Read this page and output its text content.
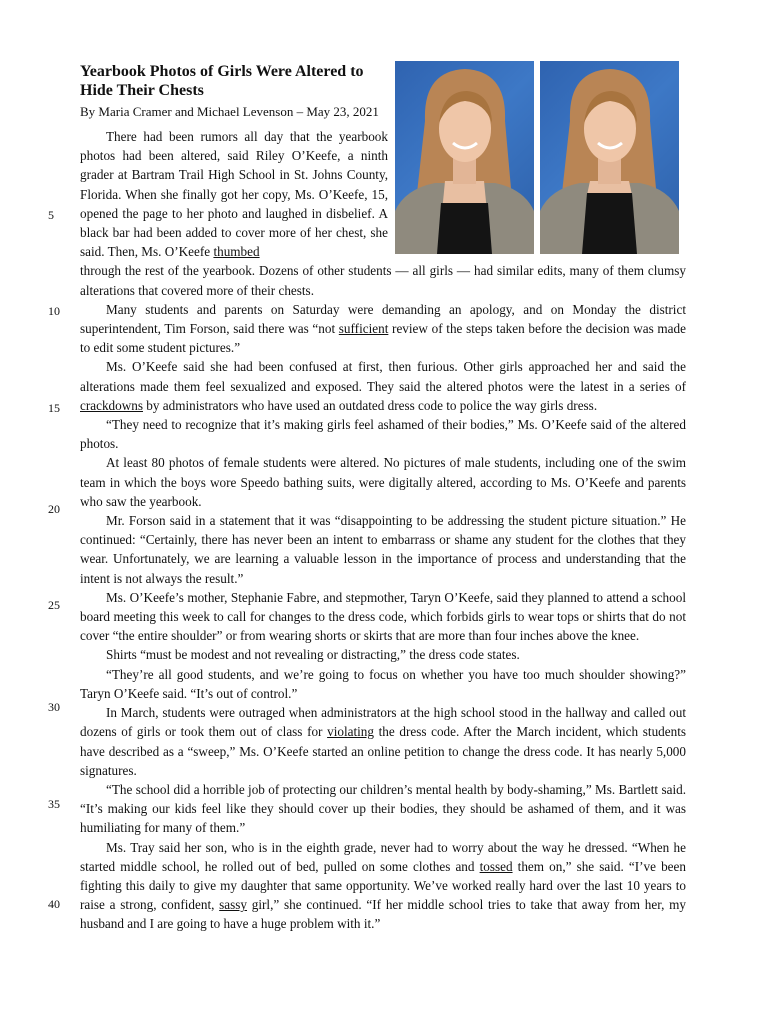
Yearbook Photos of Girls Were Altered to Hide Their Chests
By Maria Cramer and Michael Levenson – May 23, 2021
5
10
15
20
25
30
35
40

There had been rumors all day that the yearbook photos had been altered, said Riley O’Keefe, a ninth grader at Bartram Trail High School in St. Johns County, Florida. When she finally got her copy, Ms. O’Keefe, 15, opened the page to her photo and laughed in disbelief. A black bar had been added to cover more of her chest, she said. Then, Ms. O’Keefe thumbed

through the rest of the yearbook. Dozens of other students — all girls — had similar edits, many of them clumsy alterations that covered more of their chests.

Many students and parents on Saturday were demanding an apology, and on Monday the district superintendent, Tim Forson, said there was “not sufficient review of the steps taken before the decision was made to edit some student pictures.”

Ms. O’Keefe said she had been confused at first, then furious. Other girls approached her and said the alterations made them feel sexualized and exposed. They said the altered photos were the latest in a series of crackdowns by administrators who have used an outdated dress code to police the way girls dress.

“They need to recognize that it’s making girls feel ashamed of their bodies,” Ms. O’Keefe said of the altered photos.

At least 80 photos of female students were altered. No pictures of male students, including one of the swim team in which the boys wore Speedo bathing suits, were digitally altered, according to Ms. O’Keefe and parents who saw the yearbook.

Mr. Forson said in a statement that it was “disappointing to be addressing the student picture situation.” He continued: “Certainly, there has never been an intent to embarrass or shame any student for the clothes that they wear. Unfortunately, we are learning a valuable lesson in the importance of process and understanding that the intent is not always the result.”

Ms. O’Keefe’s mother, Stephanie Fabre, and stepmother, Taryn O’Keefe, said they planned to attend a school board meeting this week to call for changes to the dress code, which forbids girls to wear tops or shirts that do not cover “the entire shoulder” or from wearing shorts or skirts that are more than four inches above the knee.

Shirts “must be modest and not revealing or distracting,” the dress code states.

“They’re all good students, and we’re going to focus on whether you have too much shoulder showing?” Taryn O’Keefe said. “It’s out of control.”

In March, students were outraged when administrators at the high school stood in the hallway and called out dozens of girls or took them out of class for violating the dress code. After the March incident, which students have described as a “sweep,” Ms. O’Keefe started an online petition to change the dress code. It has nearly 5,000 signatures.

“The school did a horrible job of protecting our children’s mental health by body-shaming,” Ms. Bartlett said. “It’s making our kids feel like they should cover up their bodies, they should be ashamed of them, and it was humiliating for many of them.”

Ms. Tray said her son, who is in the eighth grade, never had to worry about the way he dressed. “When he started middle school, he rolled out of bed, pulled on some clothes and tossed them on,” she said. “I’ve been fighting this daily to give my daughter that same opportunity. We’ve worked really hard over the last 10 years to raise a strong, confident, sassy girl,” she continued. “If her middle school tries to take that away from her, my husband and I are going to have a huge problem with it.”
